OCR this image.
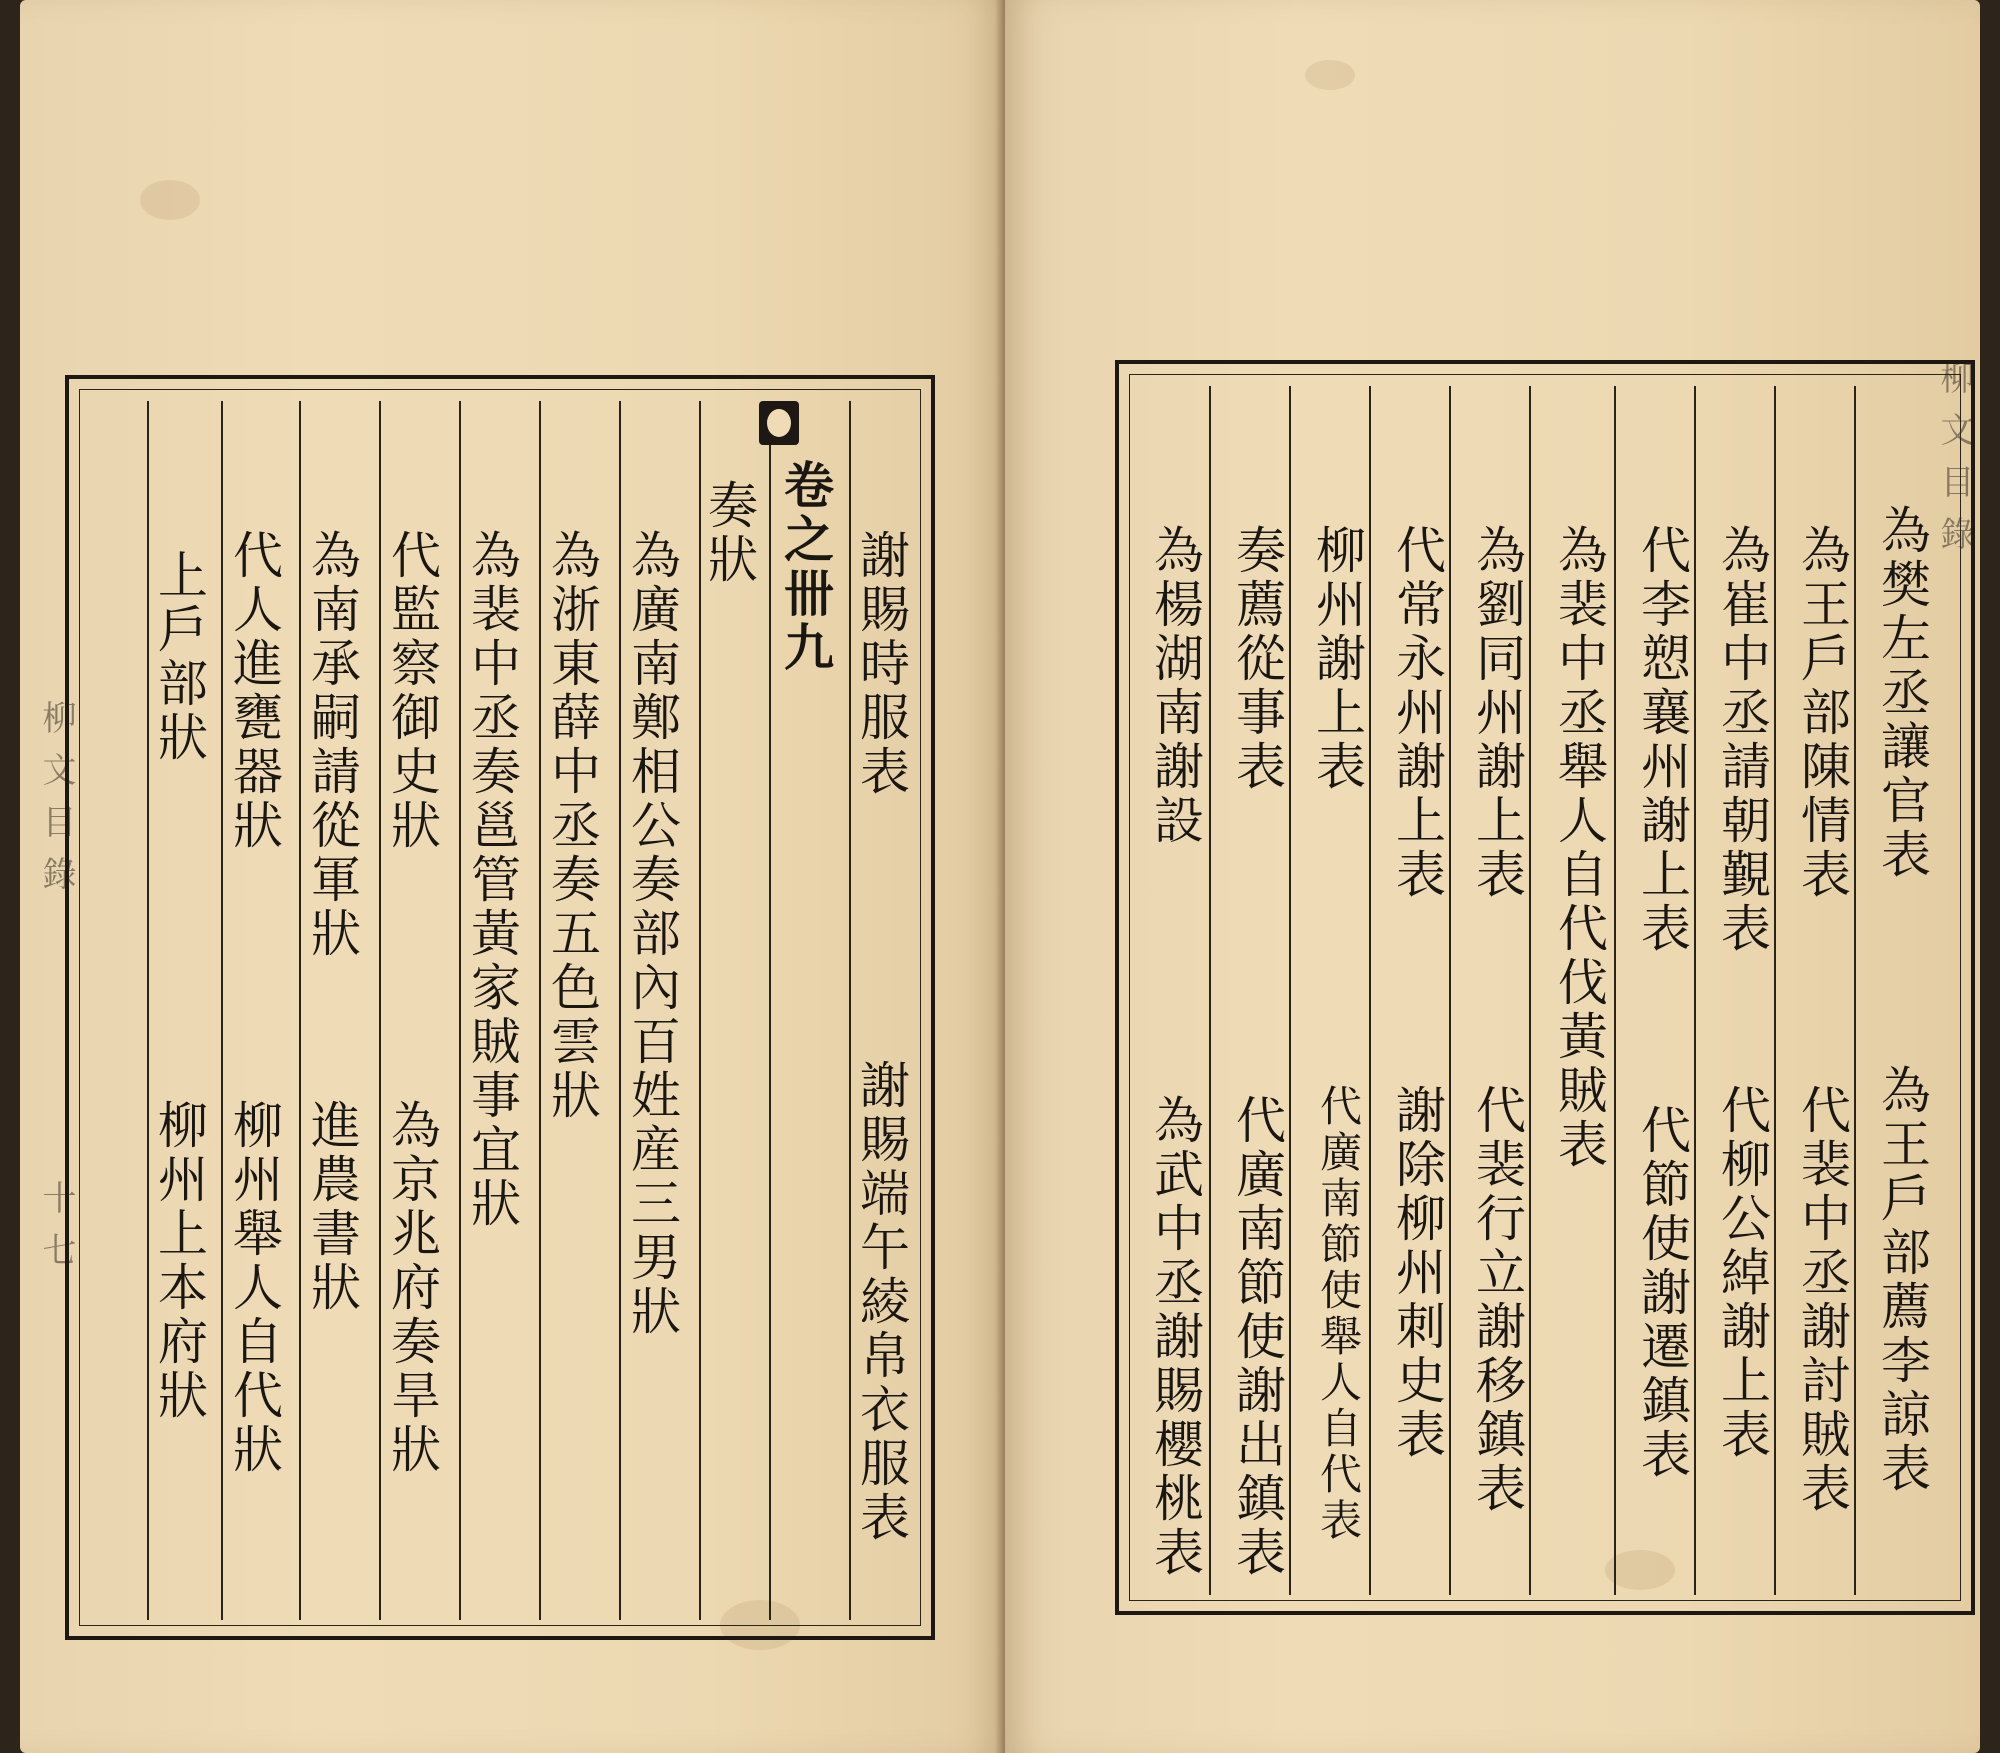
柳文目錄
十七
謝賜時服表
謝賜端午綾帛衣服表
卷之卌九
奏狀
為廣南鄭相公奏部內百姓産三男狀
為浙東薛中丞奏五色雲狀
為裴中丞奏邕管黃家賊事宜狀
代監察御史狀
為京兆府奏旱狀
為南承嗣請從軍狀
進農書狀
代人進甕器狀
柳州舉人自代狀
上戶部狀
柳州上本府狀
柳文目錄
為樊左丞讓官表
為王戶部薦李諒表
為王戶部陳情表
代裴中丞謝討賊表
為崔中丞請朝覲表
代柳公綽謝上表
代李愬襄州謝上表
代節使謝遷鎮表
為裴中丞舉人自代伐黃賊表
為劉同州謝上表
代裴行立謝移鎮表
代常永州謝上表
謝除柳州刺史表
柳州謝上表
代廣南節使舉人自代表
奏薦從事表
代廣南節使謝出鎮表
為楊湖南謝設
為武中丞謝賜櫻桃表
